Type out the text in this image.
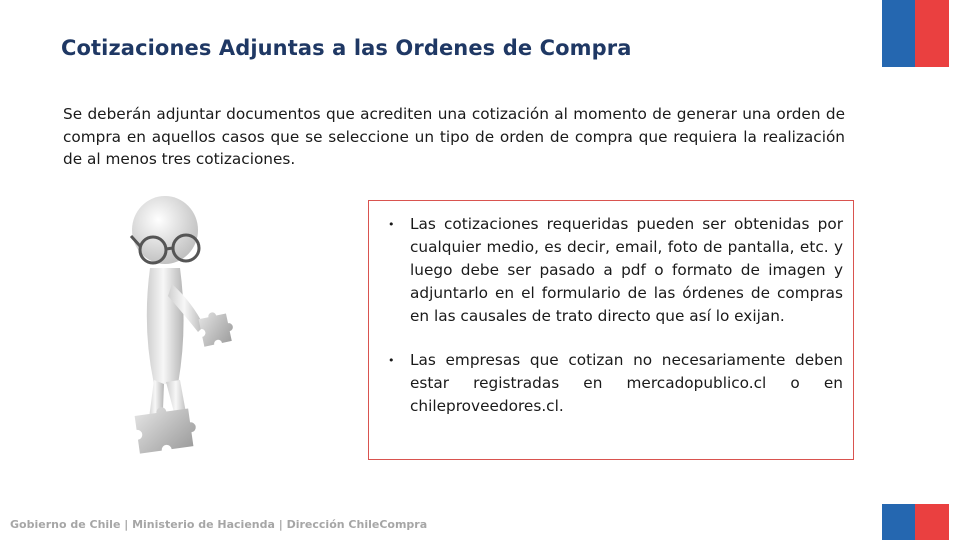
Cotizaciones Adjuntas a las Ordenes de Compra

Se deberán adjuntar documentos que acrediten una cotización al momento de generar una orden de compra en aquellos casos que se seleccione un tipo de orden de compra que requiera la realización de al menos tres cotizaciones.

• Las cotizaciones requeridas pueden ser obtenidas por cualquier medio, es decir, email, foto de pantalla, etc. y luego debe ser pasado a pdf o formato de imagen y adjuntarlo en el formulario de las órdenes de compras en las causales de trato directo que así lo exijan.
• Las empresas que cotizan no necesariamente deben estar registradas en mercadopublico.cl o en chileproveedores.cl.
Gobierno de Chile | Ministerio de Hacienda | Dirección ChileCompra
